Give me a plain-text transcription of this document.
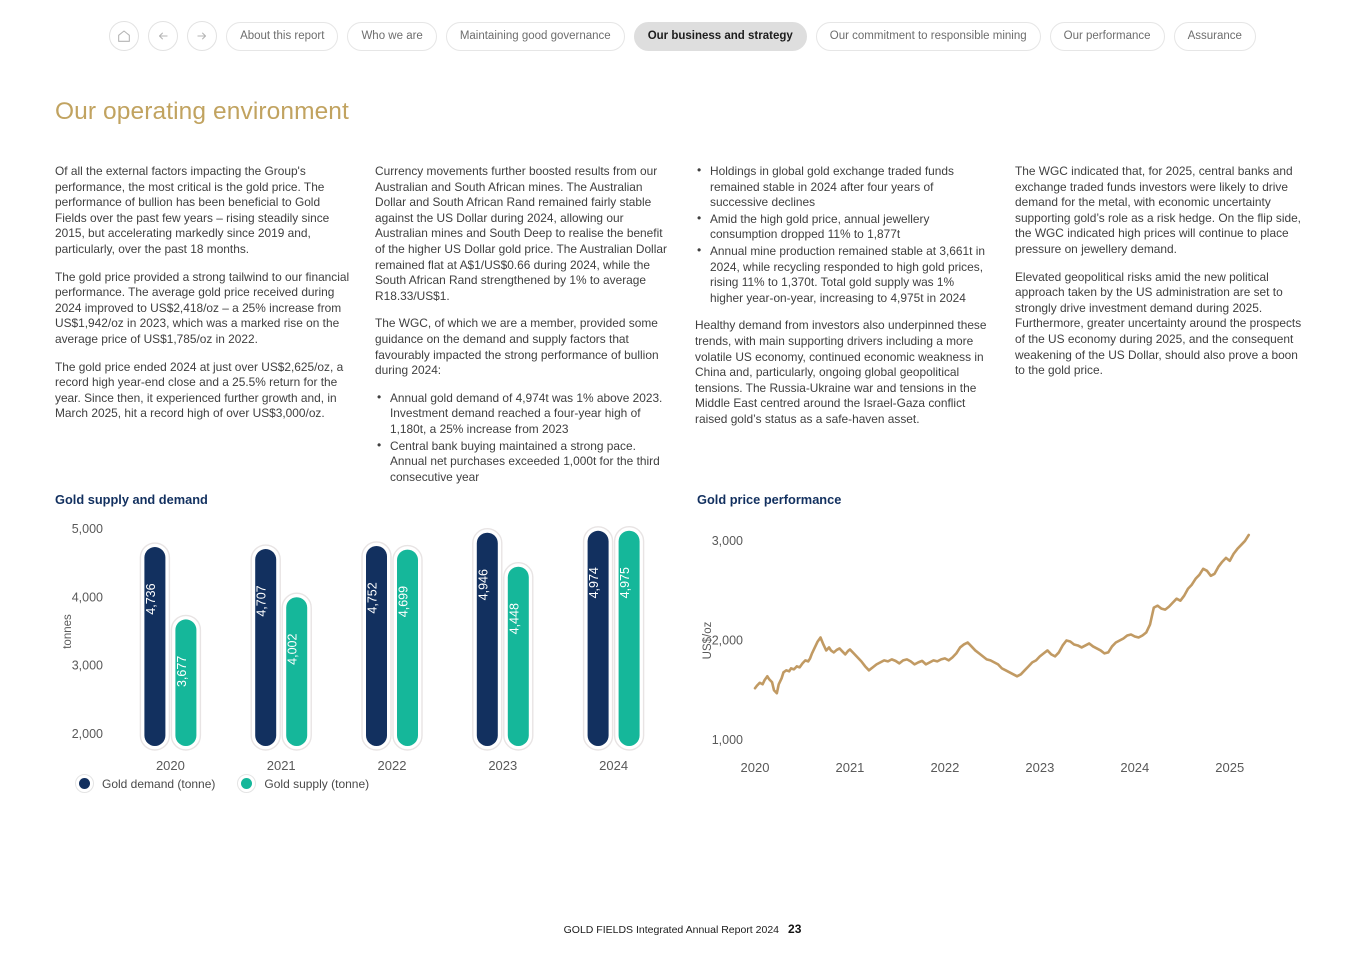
About this report	Who we are	Maintaining good governance	Our business and strategy	Our commitment to responsible mining	Our performance	Assurance
Our operating environment

Of all the external factors impacting the Group's performance, the most critical is the gold price. The performance of bullion has been beneficial to Gold Fields over the past few years – rising steadily since 2015, but accelerating markedly since 2019 and, particularly, over the past 18 months.

The gold price provided a strong tailwind to our financial performance. The average gold price received during 2024 improved to US$2,418/oz – a 25% increase from US$1,942/oz in 2023, which was a marked rise on the average price of US$1,785/oz in 2022.

The gold price ended 2024 at just over US$2,625/oz, a record high year-end close and a 25.5% return for the year. Since then, it experienced further growth and, in March 2025, hit a record high of over US$3,000/oz.

Currency movements further boosted results from our Australian and South African mines. The Australian Dollar and South African Rand remained fairly stable against the US Dollar during 2024, allowing our Australian mines and South Deep to realise the benefit of the higher US Dollar gold price. The Australian Dollar remained flat at A$1/US$0.66 during 2024, while the South African Rand strengthened by 1% to average R18.33/US$1.

The WGC, of which we are a member, provided some guidance on the demand and supply factors that favourably impacted the strong performance of bullion during 2024:

• Annual gold demand of 4,974t was 1% above 2023. Investment demand reached a four-year high of 1,180t, a 25% increase from 2023
• Central bank buying maintained a strong pace. Annual net purchases exceeded 1,000t for the third consecutive year
• Holdings in global gold exchange traded funds remained stable in 2024 after four years of successive declines
• Amid the high gold price, annual jewellery consumption dropped 11% to 1,877t
• Annual mine production remained stable at 3,661t in 2024, while recycling responded to high gold prices, rising 11% to 1,370t. Total gold supply was 1% higher year-on-year, increasing to 4,975t in 2024

Healthy demand from investors also underpinned these trends, with main supporting drivers including a more volatile US economy, continued economic weakness in China and, particularly, ongoing global geopolitical tensions. The Russia-Ukraine war and tensions in the Middle East centred around the Israel-Gaza conflict raised gold’s status as a safe-haven asset.

The WGC indicated that, for 2025, central banks and exchange traded funds investors were likely to drive demand for the metal, with economic uncertainty supporting gold’s role as a risk hedge. On the flip side, the WGC indicated high prices will continue to place pressure on jewellery demand.

Elevated geopolitical risks amid the new political approach taken by the US administration are set to strongly drive investment demand during 2025. Furthermore, greater uncertainty around the prospects of the US economy during 2025, and the consequent weakening of the US Dollar, should also prove a boon to the gold price.

Gold supply and demand
2,000
3,000
4,000
5,000
tonnes
4,736
3,677
2020
4,707
4,002
2021
4,752 4,699
2022
4,946
4,448
2023
4,974 4,975
2024
Gold demand (tonne)	Gold supply (tonne)
Gold price performance
1,000
2,000
3,000
US$/oz
2020	2021	2022	2023	2024	2025
GOLD FIELDS Integrated Annual Report 2024 23
